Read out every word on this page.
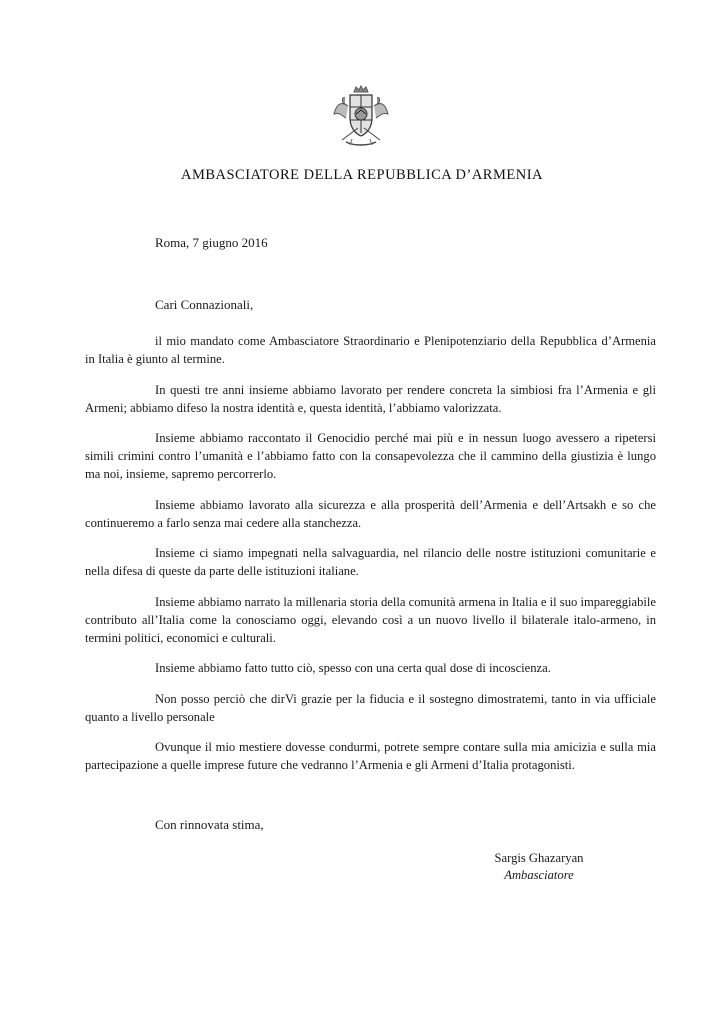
AMBASCIATORE DELLA REPUBBLICA D’ARMENIA
Roma, 7 giugno 2016
Cari Connazionali,

il mio mandato come Ambasciatore Straordinario e Plenipotenziario della Repubblica d’Armenia in Italia è giunto al termine.

In questi tre anni insieme abbiamo lavorato per rendere concreta la simbiosi fra l’Armenia e gli Armeni; abbiamo difeso la nostra identità e, questa identità, l’abbiamo valorizzata.

Insieme abbiamo raccontato il Genocidio perché mai più e in nessun luogo avessero a ripetersi simili crimini contro l’umanità e l’abbiamo fatto con la consapevolezza che il cammino della giustizia è lungo ma noi, insieme, sapremo percorrerlo.

Insieme abbiamo lavorato alla sicurezza e alla prosperità dell’Armenia e dell’Artsakh e so che continueremo a farlo senza mai cedere alla stanchezza.

Insieme ci siamo impegnati nella salvaguardia, nel rilancio delle nostre istituzioni comunitarie e nella difesa di queste da parte delle istituzioni italiane.

Insieme abbiamo narrato la millenaria storia della comunità armena in Italia e il suo impareggiabile contributo all’Italia come la conosciamo oggi, elevando così a un nuovo livello il bilaterale italo-armeno, in termini politici, economici e culturali.

Insieme abbiamo fatto tutto ciò, spesso con una certa qual dose di incoscienza.

Non posso perciò che dirVi grazie per la fiducia e il sostegno dimostratemi, tanto in via ufficiale quanto a livello personale

Ovunque il mio mestiere dovesse condurmi, potrete sempre contare sulla mia amicizia e sulla mia partecipazione a quelle imprese future che vedranno l’Armenia e gli Armeni d’Italia protagonisti.

Con rinnovata stima,
Sargis Ghazaryan
Ambasciatore
